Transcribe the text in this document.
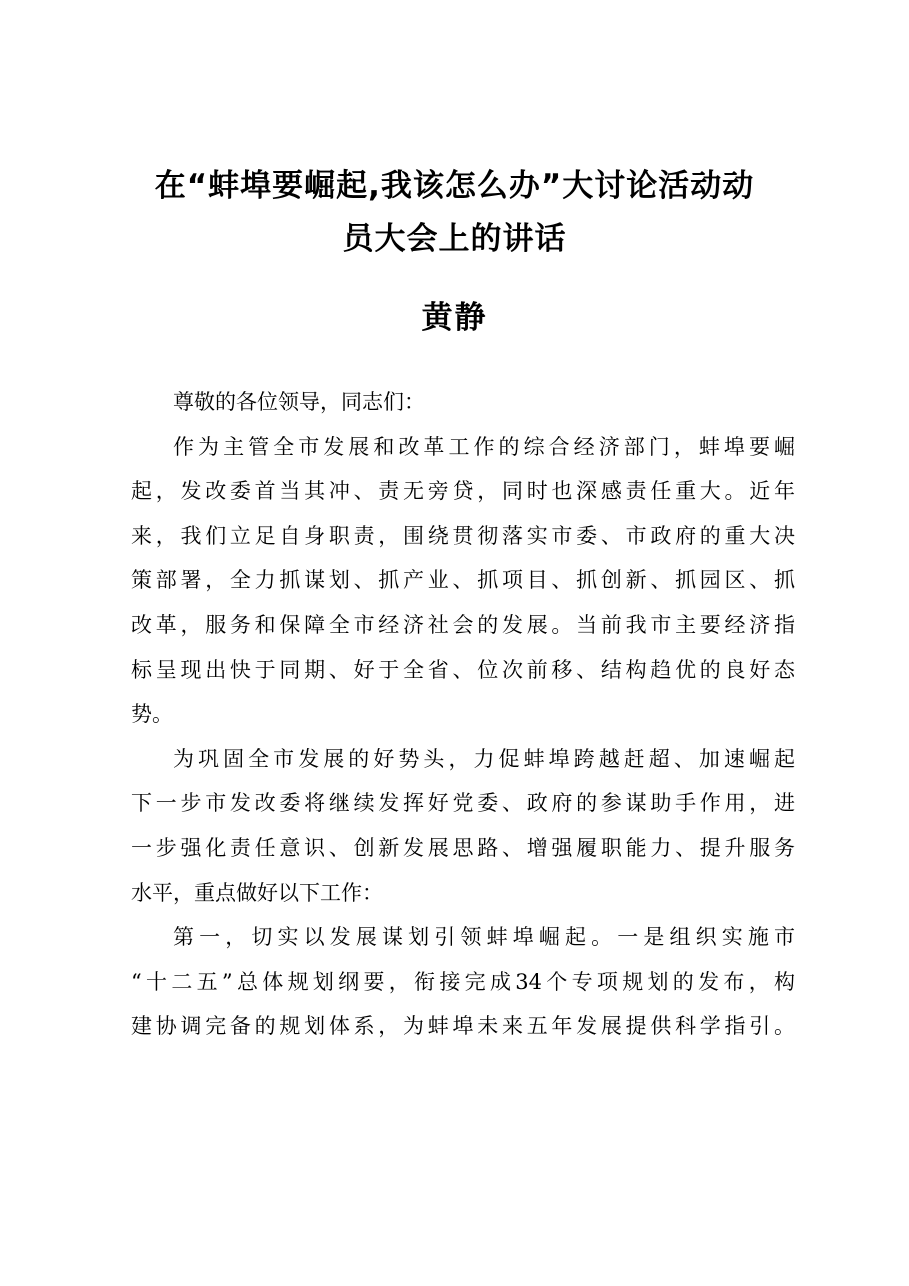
在“蚌埠要崛起,我该怎么办”大讨论活动动
员大会上的讲话
黄静
尊敬的各位领导，同志们：
作为主管全市发展和改革工作的综合经济部门，蚌埠要崛
起，发改委首当其冲、责无旁贷，同时也深感责任重大。近年
来，我们立足自身职责，围绕贯彻落实市委、市政府的重大决
策部署，全力抓谋划、抓产业、抓项目、抓创新、抓园区、抓
改革，服务和保障全市经济社会的发展。当前我市主要经济指
标呈现出快于同期、好于全省、位次前移、结构趋优的良好态
势。
为巩固全市发展的好势头，力促蚌埠跨越赶超、加速崛起
下一步市发改委将继续发挥好党委、政府的参谋助手作用，进
一步强化责任意识、创新发展思路、增强履职能力、提升服务
水平，重点做好以下工作：
第一，切实以发展谋划引领蚌埠崛起。一是组织实施市
“十二五”总体规划纲要，衔接完成34个专项规划的发布，构
建协调完备的规划体系，为蚌埠未来五年发展提供科学指引。
